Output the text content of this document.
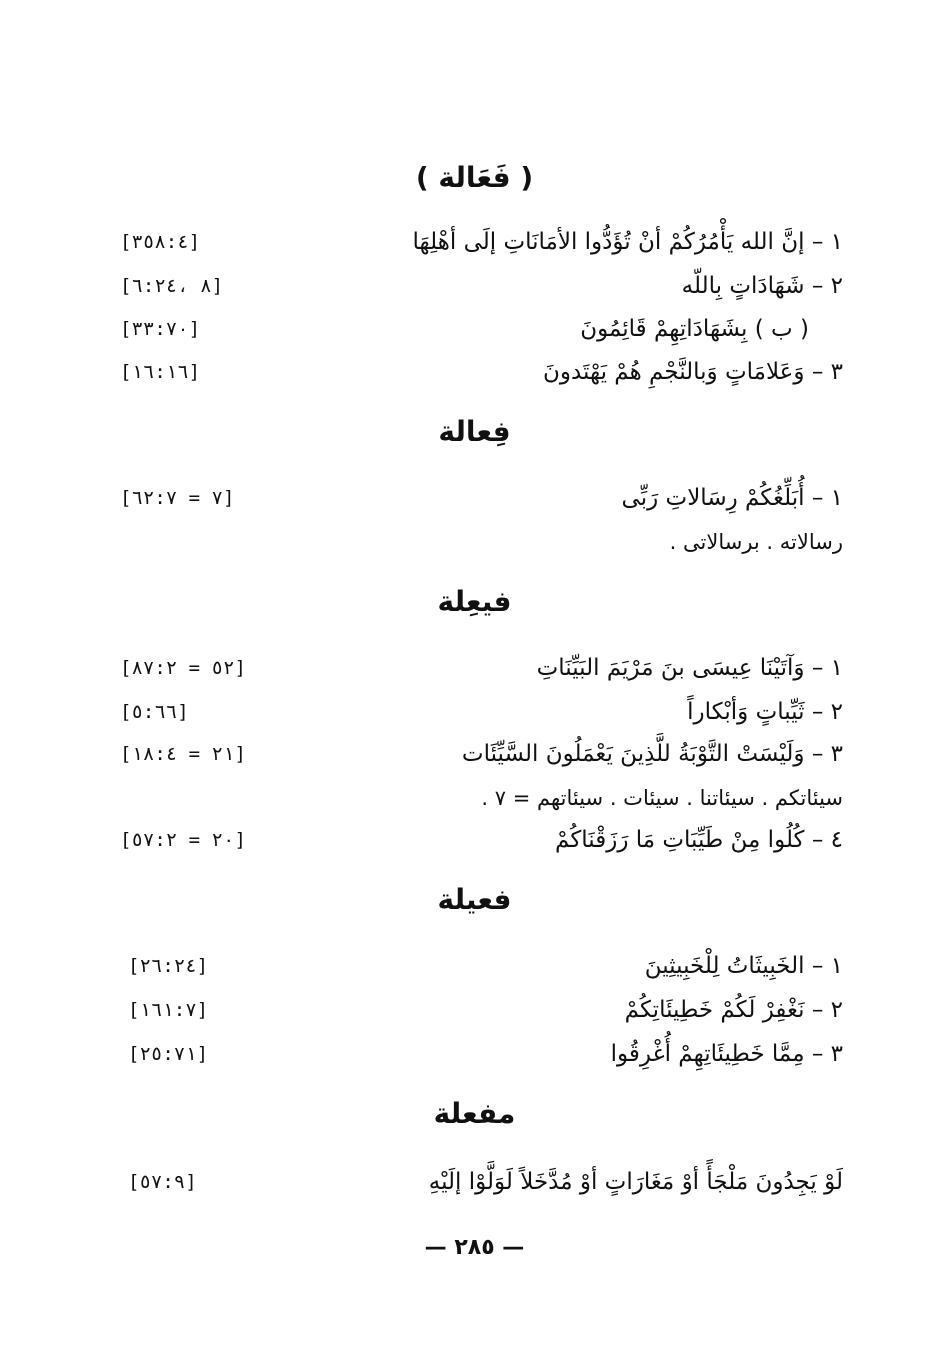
( فَعَالة )
١ – إنَّ الله يَأْمُرُكُمْ أنْ تُؤَدُّوا الأمَانَاتِ إلَى أهْلِهَا
[٣٥٨:٤]
٢ – شَهَادَاتٍ بِاللّه
[٨ ،٦:٢٤]
( ب ) بِشَهَادَاتِهِمْ قَائِمُونَ
[٣٣:٧٠]
٣ – وَعَلامَاتٍ وَبالنَّجْمِ هُمْ يَهْتَدونَ
[١٦:١٦]
فِعالة
١ – أُبَلِّغُكُمْ رِسَالاتِ رَبِّى
[٧ = ٦٢:٧]
رسالاته . برسالاتى .
فيعِلة
١ – وَآتَيْنَا عِيسَى بنَ مَرْيَمَ البَيِّنَاتِ
[٥٢ = ٨٧:٢]
٢ – ثَيِّباتٍ وَأبْكاراً
[٥:٦٦]
٣ – وَلَيْسَتْ التَّوْبَةُ للَّذِينَ يَعْمَلُونَ السَّيِّئَات
[٢١ = ١٨:٤]
سيئاتكم . سيئاتنا . سيئات . سيئاتهم = ٧ .
٤ – كُلُوا مِنْ طَيِّبَاتِ مَا رَزَقْنَاكُمْ
[٢٠ = ٥٧:٢]
فعيلة
١ – الخَبِيثَاتُ لِلْخَبِيثِينَ
[٢٦:٢٤]
٢ – نَغْفِرْ لَكُمْ خَطِيئَاتِكُمْ
[١٦١:٧]
٣ – مِمَّا خَطِيئَاتِهِمْ أُغْرِقُوا
[٢٥:٧١]
مفعلة
لَوْ يَجِدُونَ مَلْجَأً أوْ مَغَارَاتٍ أوْ مُدَّخَلاً لَوَلَّوْا إلَيْهِ
[٥٧:٩]
— ٢٨٥ —
